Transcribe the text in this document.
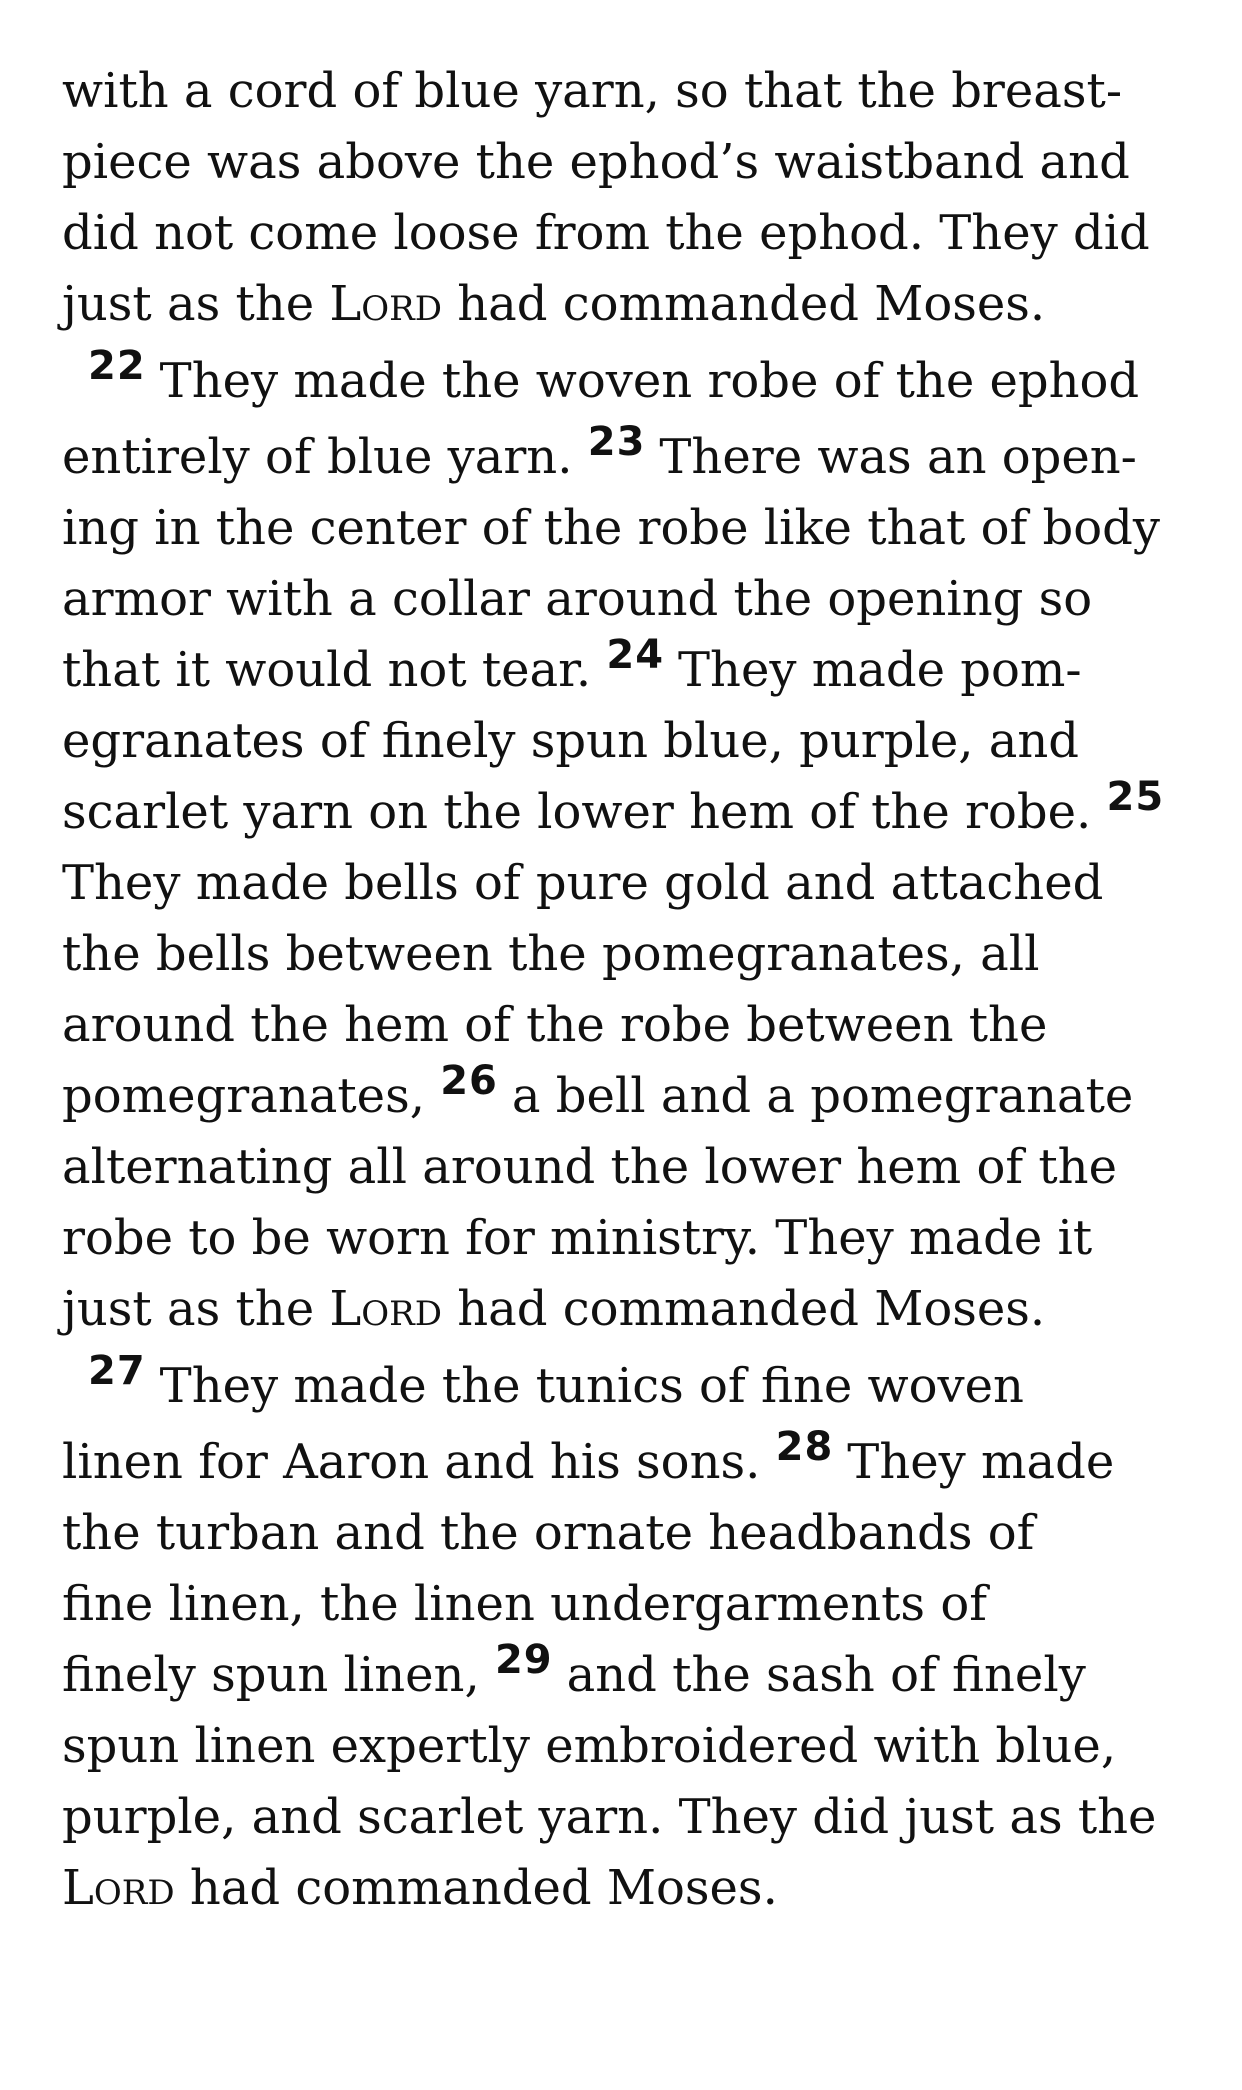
with a cord of blue yarn, so that the breast-
piece was above the ephod’s waistband and
did not come loose from the ephod. They did
just as the Lord had commanded Moses.
$^{22}$ They made the woven robe of the ephod
entirely of blue yarn. $^{23}$ There was an open-
ing in the center of the robe like that of body
armor with a collar around the opening so
that it would not tear. $^{24}$ They made pom-
egranates of finely spun blue, purple, and
scarlet yarn on the lower hem of the robe. $^{25}$
They made bells of pure gold and attached
the bells between the pomegranates, all
around the hem of the robe between the
pomegranates, $^{26}$ a bell and a pomegranate
alternating all around the lower hem of the
robe to be worn for ministry. They made it
just as the Lord had commanded Moses.
$^{27}$ They made the tunics of fine woven
linen for Aaron and his sons. $^{28}$ They made
the turban and the ornate headbands of
fine linen, the linen undergarments of
finely spun linen, $^{29}$ and the sash of finely
spun linen expertly embroidered with blue,
purple, and scarlet yarn. They did just as the
Lord had commanded Moses.
